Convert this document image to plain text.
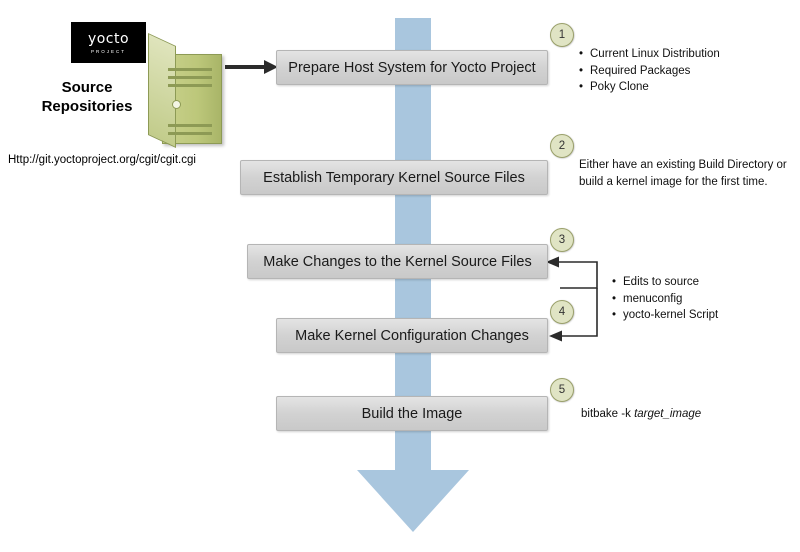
yocto
PROJECT
Source
Repositories
Http://git.yoctoproject.org/cgit/cgit.cgi
Prepare Host System for Yocto Project
1
• Current Linux Distribution
• Required Packages
• Poky Clone
Establish Temporary Kernel Source Files
2
Either have an existing Build Directory or build a kernel image for the first time.
Make Changes to the Kernel Source Files
3
• Edits to source
• menuconfig
• yocto-kernel Script
Make Kernel Configuration Changes
4
Build the Image
5
bitbake -k target_image
